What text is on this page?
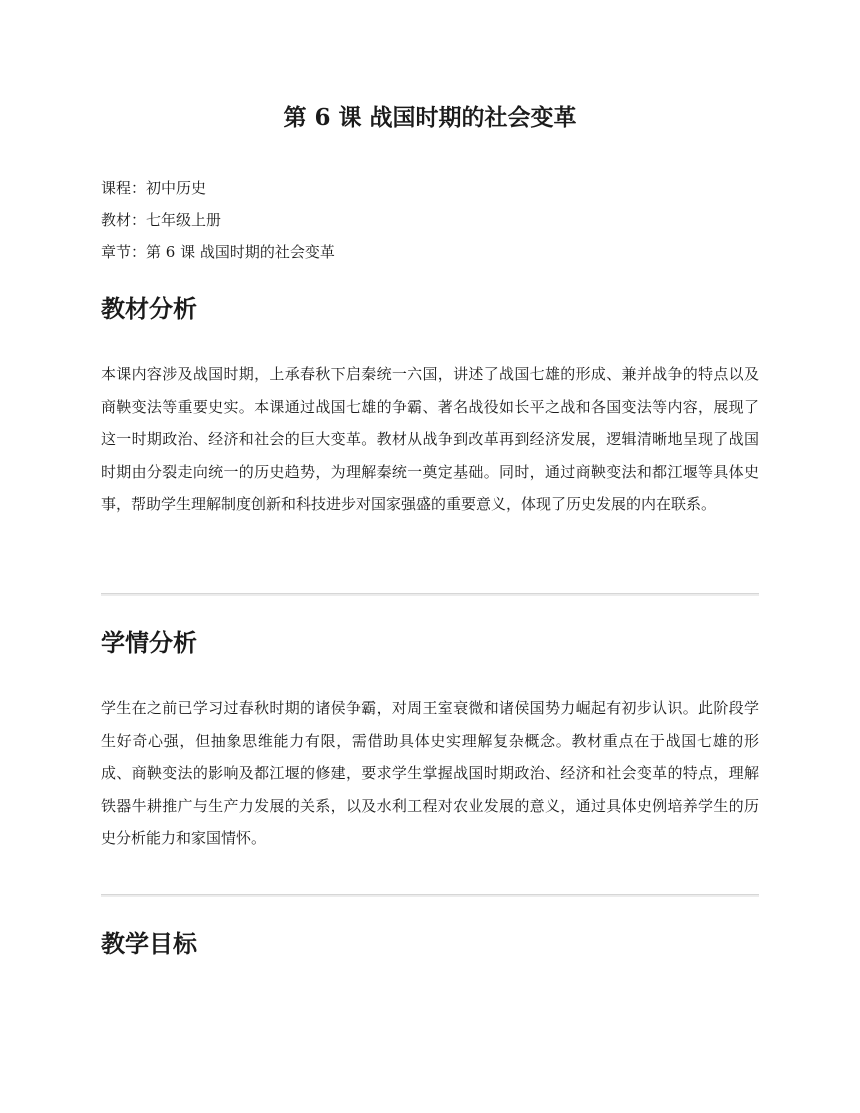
第 6 课 战国时期的社会变革
课程：初中历史
教材：七年级上册
章节：第 6 课 战国时期的社会变革
教材分析

本课内容涉及战国时期，上承春秋下启秦统一六国，讲述了战国七雄的形成、兼并战争的特点以及商鞅变法等重要史实。本课通过战国七雄的争霸、著名战役如长平之战和各国变法等内容，展现了这一时期政治、经济和社会的巨大变革。教材从战争到改革再到经济发展，逻辑清晰地呈现了战国时期由分裂走向统一的历史趋势，为理解秦统一奠定基础。同时，通过商鞅变法和都江堰等具体史事，帮助学生理解制度创新和科技进步对国家强盛的重要意义，体现了历史发展的内在联系。

学情分析

学生在之前已学习过春秋时期的诸侯争霸，对周王室衰微和诸侯国势力崛起有初步认识。此阶段学生好奇心强，但抽象思维能力有限，需借助具体史实理解复杂概念。教材重点在于战国七雄的形成、商鞅变法的影响及都江堰的修建，要求学生掌握战国时期政治、经济和社会变革的特点，理解铁器牛耕推广与生产力发展的关系，以及水利工程对农业发展的意义，通过具体史例培养学生的历史分析能力和家国情怀。

教学目标
